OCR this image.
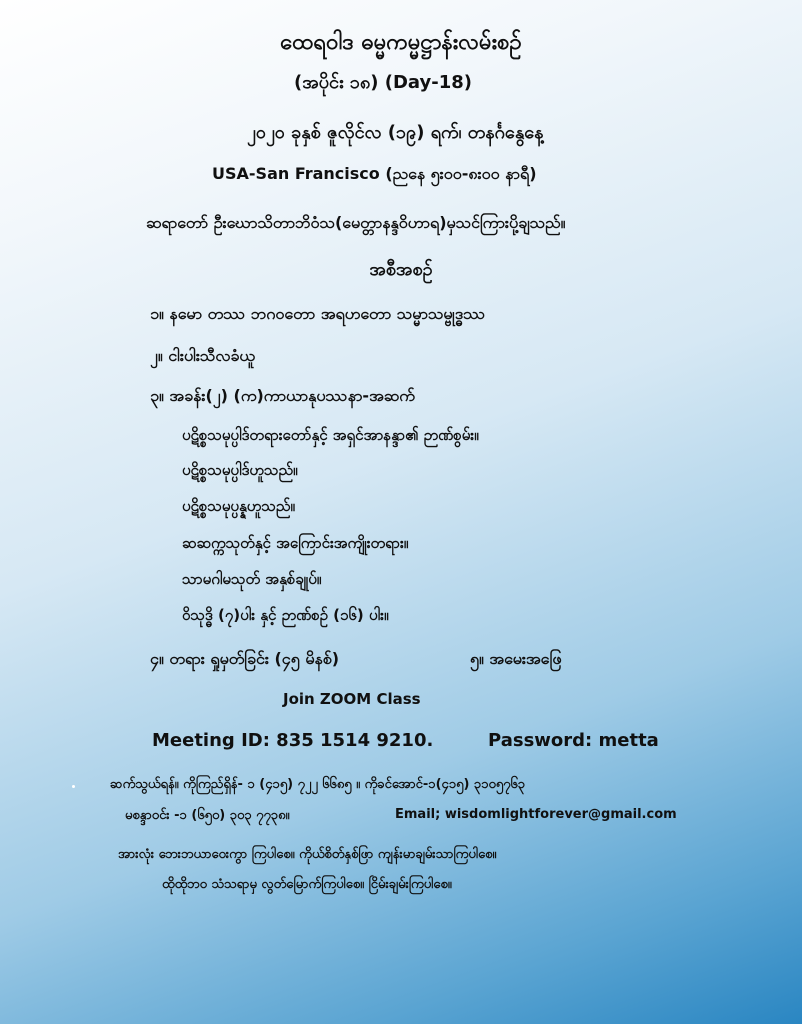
ထေရဝါဒ ဓမ္မကမ္မဋ္ဌာန်းလမ်းစဉ်
(အပိုင်း ၁၈) (Day-18)
၂၀၂၀ ခုနှစ် ဇူလိုင်လ (၁၉) ရက်၊ တနင်္ဂနွေနေ့
USA-San Francisco (ညနေ ၅း၀၀-၈း၀၀ နာရီ)
ဆရာတော် ဦးဃောသိတာဘိဝံသ(မေတ္တာနန္ဒဝိဟာရ)မှသင်ကြားပို့ချသည်။
အစီအစဉ်
၁။ နမော တဿ ဘဂဝတော အရဟတော သမ္မာသမ္ဗုဒ္ဓဿ
၂။ ငါးပါးသီလခံယူ
၃။ အခန်း(၂) (က)ကာယာနုပဿနာ-အဆက်
ပဋိစ္စသမုပ္ပါဒ်တရားတော်နှင့် အရှင်အာနန္ဒာ၏ ဉာဏ်စွမ်း။
ပဋိစ္စသမုပ္ပါဒ်ဟူသည်။
ပဋိစ္စသမုပ္ပန္နဟူသည်။
ဆဆက္ကသုတ်နှင့် အကြောင်းအကျိုးတရား။
သာမဂါမသုတ် အနှစ်ချုပ်။
ဝိသုဒ္ဓိ (၇)ပါး နှင့် ဉာဏ်စဉ် (၁၆) ပါး။
၄။ တရား ရှုမှတ်ခြင်း (၄၅ မိနစ်)	၅။ အမေးအဖြေ
Join ZOOM Class
Meeting ID: 835 1514 9210.	Password: metta
ဆက်သွယ်ရန်။ ကိုကြည်ရှိန်- ၁ (၄၁၅) ၇၂၂ ၆၆၈၅ ။ ကိုခင်အောင်-၁(၄၁၅) ၃၁၀၅၇၆၃
မစန္ဒာဝင်း -၁ (၆၅၀) ၃၀၃ ၇၇၃၈။	Email; wisdomlightforever@gmail.com
အားလုံး ဘေးဘယာဝေးကွာ ကြပါစေ။ ကိုယ်စိတ်နှစ်ဖြာ ကျန်းမာချမ်းသာကြပါစေ။
ထိုထိုဘ၀ သံသရာမှ လွတ်မြောက်ကြပါစေ။ ငြိမ်းချမ်းကြပါစေ။
